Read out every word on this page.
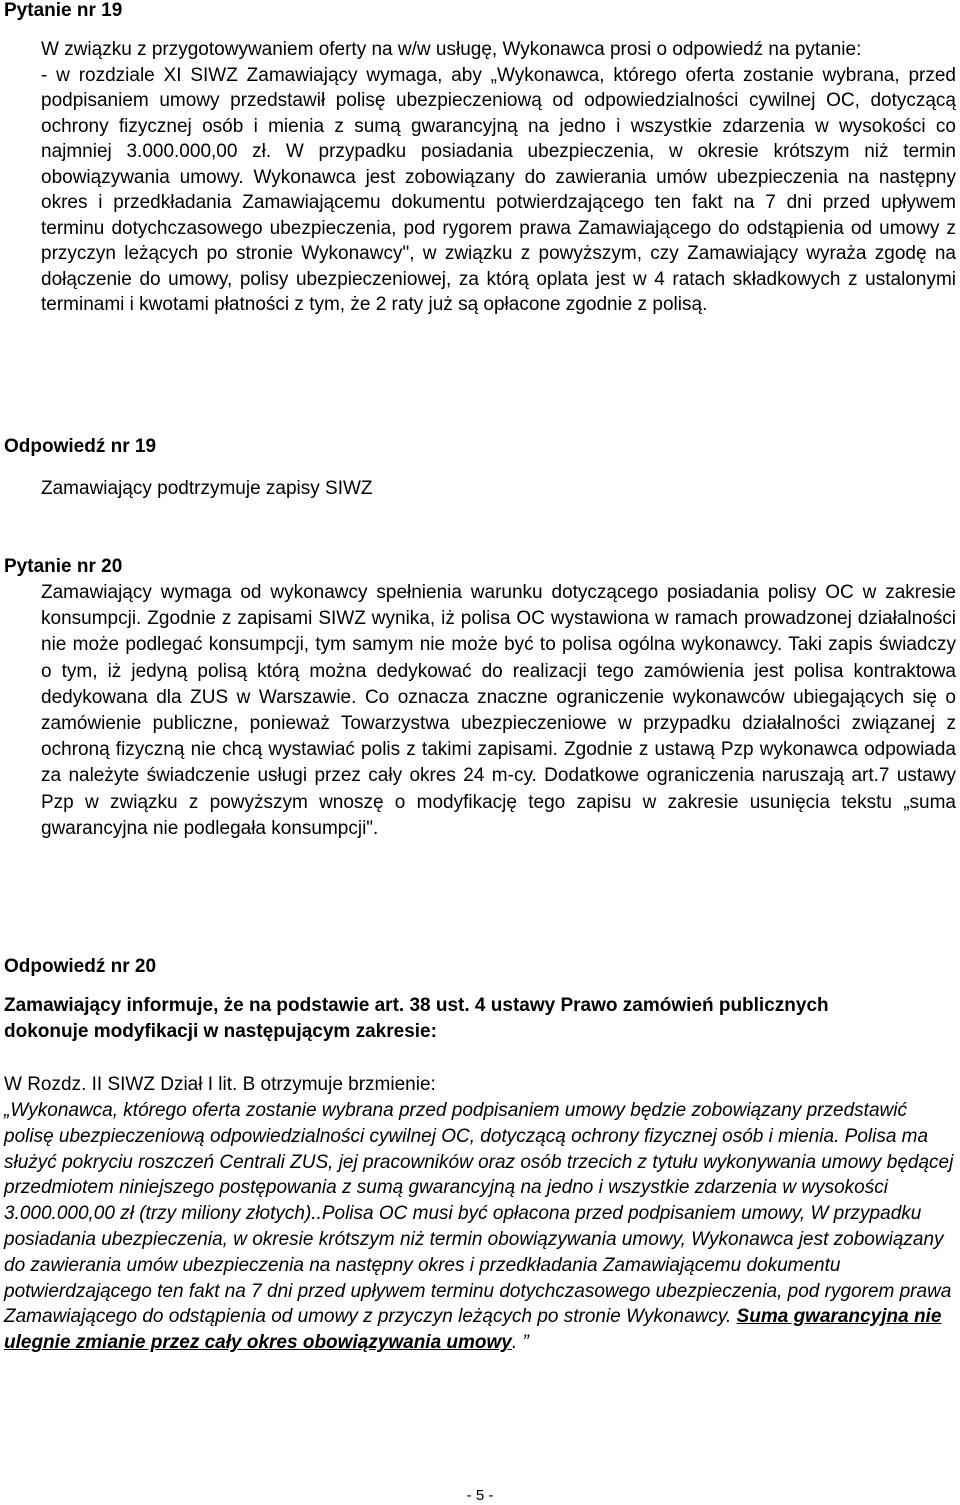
Pytanie nr 19

W związku z przygotowywaniem oferty na w/w usługę, Wykonawca prosi o odpowiedź na pytanie:
- w rozdziale XI SIWZ Zamawiający wymaga, aby „Wykonawca, którego oferta zostanie wybrana, przed podpisaniem umowy przedstawił polisę ubezpieczeniową od odpowiedzialności cywilnej OC, dotyczącą ochrony fizycznej osób i mienia z sumą gwarancyjną na jedno i wszystkie zdarzenia w wysokości co najmniej 3.000.000,00 zł. W przypadku posiadania ubezpieczenia, w okresie krótszym niż termin obowiązywania umowy. Wykonawca jest zobowiązany do zawierania umów ubezpieczenia na następny okres i przedkładania Zamawiającemu dokumentu potwierdzającego ten fakt na 7 dni przed upływem terminu dotychczasowego ubezpieczenia, pod rygorem prawa Zamawiającego do odstąpienia od umowy z przyczyn leżących po stronie Wykonawcy", w związku z powyższym, czy Zamawiający wyraża zgodę na dołączenie do umowy, polisy ubezpieczeniowej, za którą oplata jest w 4 ratach składkowych z ustalonymi terminami i kwotami płatności z tym, że 2 raty już są opłacone zgodnie z polisą.

Odpowiedź nr 19

Zamawiający podtrzymuje zapisy SIWZ

Pytanie nr 20

Zamawiający wymaga od wykonawcy spełnienia warunku dotyczącego posiadania polisy OC w zakresie konsumpcji. Zgodnie z zapisami SIWZ wynika, iż polisa OC wystawiona w ramach prowadzonej działalności nie może podlegać konsumpcji, tym samym nie może być to polisa ogólna wykonawcy. Taki zapis świadczy o tym, iż jedyną polisą którą można dedykować do realizacji tego zamówienia jest polisa kontraktowa dedykowana dla ZUS w Warszawie. Co oznacza znaczne ograniczenie wykonawców ubiegających się o zamówienie publiczne, ponieważ Towarzystwa ubezpieczeniowe w przypadku działalności związanej z ochroną fizyczną nie chcą wystawiać polis z takimi zapisami. Zgodnie z ustawą Pzp wykonawca odpowiada za należyte świadczenie usługi przez cały okres 24 m-cy. Dodatkowe ograniczenia naruszają art.7 ustawy Pzp w związku z powyższym wnoszę o modyfikację tego zapisu w zakresie usunięcia tekstu „suma gwarancyjna nie podlegała konsumpcji".

Odpowiedź nr 20

Zamawiający informuje, że na podstawie art. 38 ust. 4 ustawy Prawo zamówień publicznych dokonuje modyfikacji w następującym zakresie:

W Rozdz. II SIWZ Dział I lit. B otrzymuje brzmienie:

„Wykonawca, którego oferta zostanie wybrana przed podpisaniem umowy będzie zobowiązany przedstawić polisę ubezpieczeniową odpowiedzialności cywilnej OC, dotyczącą ochrony fizycznej osób i mienia. Polisa ma służyć pokryciu roszczeń Centrali ZUS, jej pracowników oraz osób trzecich z tytułu wykonywania umowy będącej przedmiotem niniejszego postępowania z sumą gwarancyjną na jedno i wszystkie zdarzenia w wysokości 3.000.000,00 zł (trzy miliony złotych)..Polisa OC musi być opłacona przed podpisaniem umowy, W przypadku posiadania ubezpieczenia, w okresie krótszym niż termin obowiązywania umowy, Wykonawca jest zobowiązany do zawierania umów ubezpieczenia na następny okres i przedkładania Zamawiającemu dokumentu potwierdzającego ten fakt na 7 dni przed upływem terminu dotychczasowego ubezpieczenia, pod rygorem prawa Zamawiającego do odstąpienia od umowy z przyczyn leżących po stronie Wykonawcy. Suma gwarancyjna nie ulegnie zmianie przez cały okres obowiązywania umowy. ”

- 5 -
